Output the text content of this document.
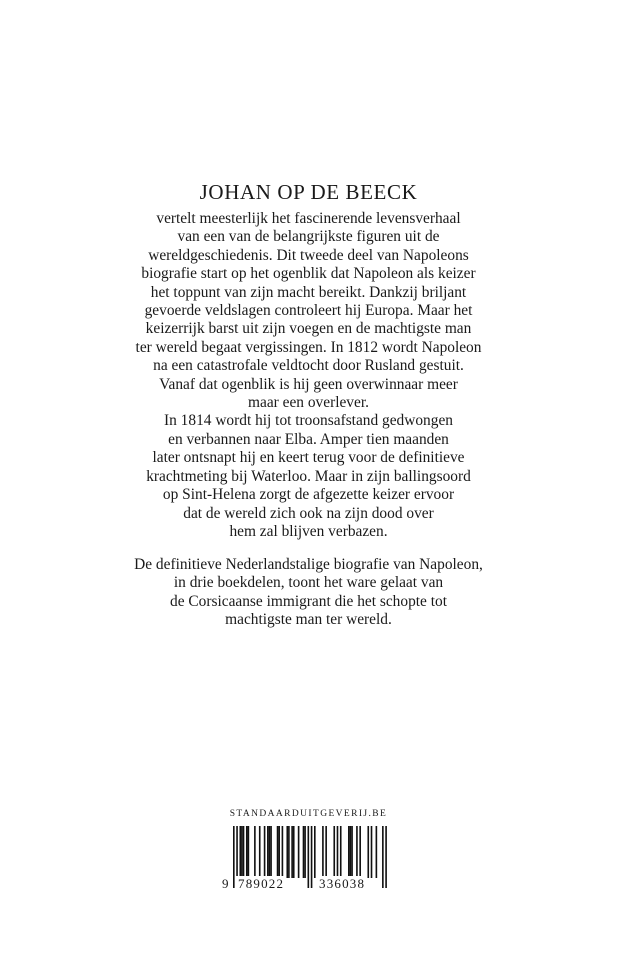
JOHAN OP DE BEECK
vertelt meesterlijk het fascinerende levensverhaal
van een van de belangrijkste figuren uit de
wereldgeschiedenis. Dit tweede deel van Napoleons
biografie start op het ogenblik dat Napoleon als keizer
het toppunt van zijn macht bereikt. Dankzij briljant
gevoerde veldslagen controleert hij Europa. Maar het
keizerrijk barst uit zijn voegen en de machtigste man
ter wereld begaat vergissingen. In 1812 wordt Napoleon
na een catastrofale veldtocht door Rusland gestuit.
Vanaf dat ogenblik is hij geen overwinnaar meer
maar een overlever.
In 1814 wordt hij tot troonsafstand gedwongen
en verbannen naar Elba. Amper tien maanden
later ontsnapt hij en keert terug voor de definitieve
krachtmeting bij Waterloo. Maar in zijn ballingsoord
op Sint-Helena zorgt de afgezette keizer ervoor
dat de wereld zich ook na zijn dood over
hem zal blijven verbazen.
De definitieve Nederlandstalige biografie van Napoleon,
in drie boekdelen, toont het ware gelaat van
de Corsicaanse immigrant die het schopte tot
machtigste man ter wereld.
STANDAARDUITGEVERIJ.BE
9 789022	336038
